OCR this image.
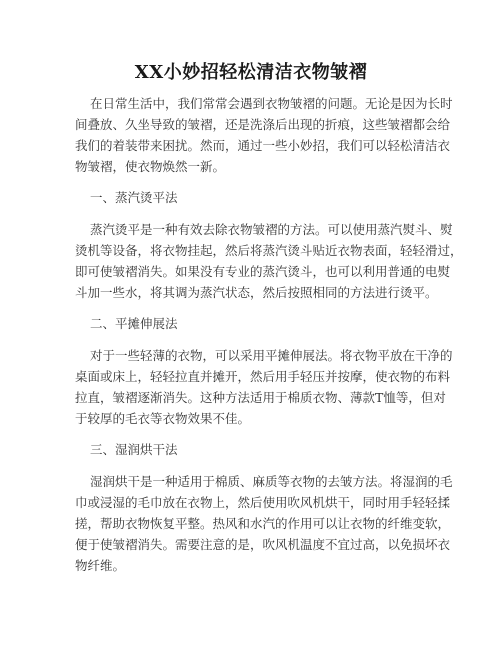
XX小妙招轻松清洁衣物皱褶
在日常生活中，我们常常会遇到衣物皱褶的问题。无论是因为长时
间叠放、久坐导致的皱褶，还是洗涤后出现的折痕，这些皱褶都会给
我们的着装带来困扰。然而，通过一些小妙招，我们可以轻松清洁衣
物皱褶，使衣物焕然一新。
一、蒸汽烫平法
蒸汽烫平是一种有效去除衣物皱褶的方法。可以使用蒸汽熨斗、熨
烫机等设备，将衣物挂起，然后将蒸汽烫斗贴近衣物表面，轻轻滑过，
即可使皱褶消失。如果没有专业的蒸汽烫斗，也可以利用普通的电熨
斗加一些水，将其调为蒸汽状态，然后按照相同的方法进行烫平。
二、平摊伸展法
对于一些轻薄的衣物，可以采用平摊伸展法。将衣物平放在干净的
桌面或床上，轻轻拉直并摊开，然后用手轻压并按摩，使衣物的布料
拉直，皱褶逐渐消失。这种方法适用于棉质衣物、薄款T恤等，但对
于较厚的毛衣等衣物效果不佳。
三、湿润烘干法
湿润烘干是一种适用于棉质、麻质等衣物的去皱方法。将湿润的毛
巾或浸湿的毛巾放在衣物上，然后使用吹风机烘干，同时用手轻轻揉
搓，帮助衣物恢复平整。热风和水汽的作用可以让衣物的纤维变软，
便于使皱褶消失。需要注意的是，吹风机温度不宜过高，以免损坏衣
物纤维。
